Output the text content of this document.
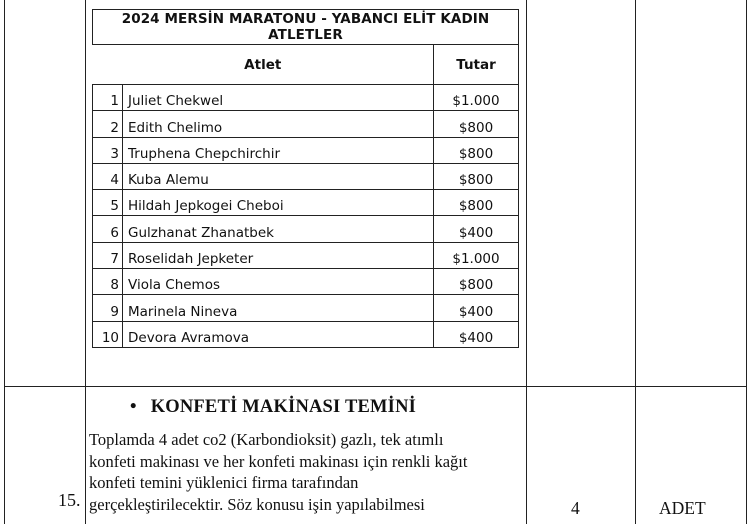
2024 MERSİN MARATONU - YABANCI ELİT KADIN ATLETLER		
Atlet		Tutar
1	Juliet Chekwel	$1.000
2	Edith Chelimo	$800
3	Truphena Chepchirchir	$800
4	Kuba Alemu	$800
5	Hildah Jepkogei Cheboi	$800
6	Gulzhanat Zhanatbek	$400
7	Roselidah Jepketer	$1.000
8	Viola Chemos	$800
9	Marinela Nineva	$400
10	Devora Avramova	$400
• KONFETİ MAKİNASI TEMİNİ
Toplamda 4 adet co2 (Karbondioksit) gazlı, tek atımlı
konfeti makinası ve her konfeti makinası için renkli kağıt
konfeti temini yüklenici firma tarafından
gerçekleştirilecektir. Söz konusu işin yapılabilmesi
15.	4	ADET
